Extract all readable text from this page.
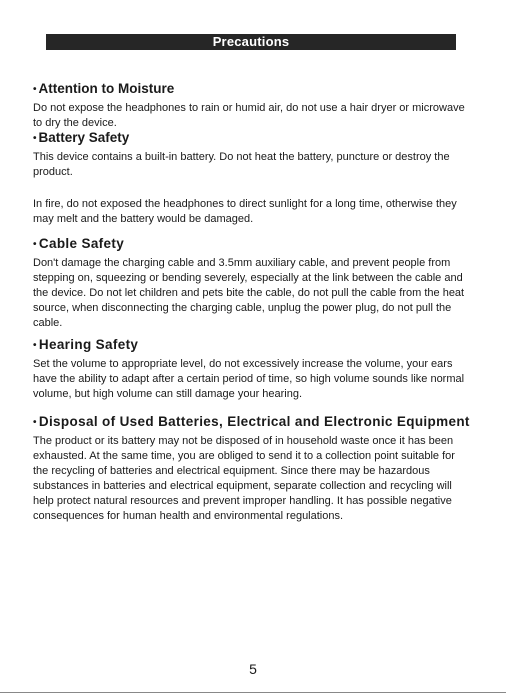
Precautions
• Attention to Moisture
Do not expose the headphones to rain or humid air, do not use a hair dryer or microwave to dry the device.
• Battery Safety
This device contains a built-in battery. Do not heat the battery, puncture or destroy the product.
In fire, do not exposed the headphones to direct sunlight for a long time, otherwise they may melt and the battery would be damaged.
• Cable Safety
Don't damage the charging cable and 3.5mm auxiliary cable, and prevent people from stepping on, squeezing or bending severely, especially at the link between the cable and the device. Do not let children and pets bite the cable, do not pull the cable from the heat source, when disconnecting the charging cable, unplug the power plug, do not pull the cable.
• Hearing Safety
Set the volume to appropriate level, do not excessively increase the volume, your ears have the ability to adapt after a certain period of time, so high volume sounds like normal volume, but high volume can still damage your hearing.
• Disposal of Used Batteries, Electrical and Electronic Equipment
The product or its battery may not be disposed of in household waste once it has been exhausted. At the same time, you are obliged to send it to a collection point suitable for the recycling of batteries and electrical equipment. Since there may be hazardous substances in batteries and electrical equipment, separate collection and recycling will help protect natural resources and prevent improper handling. It has possible negative consequences for human health and environmental regulations.
5
